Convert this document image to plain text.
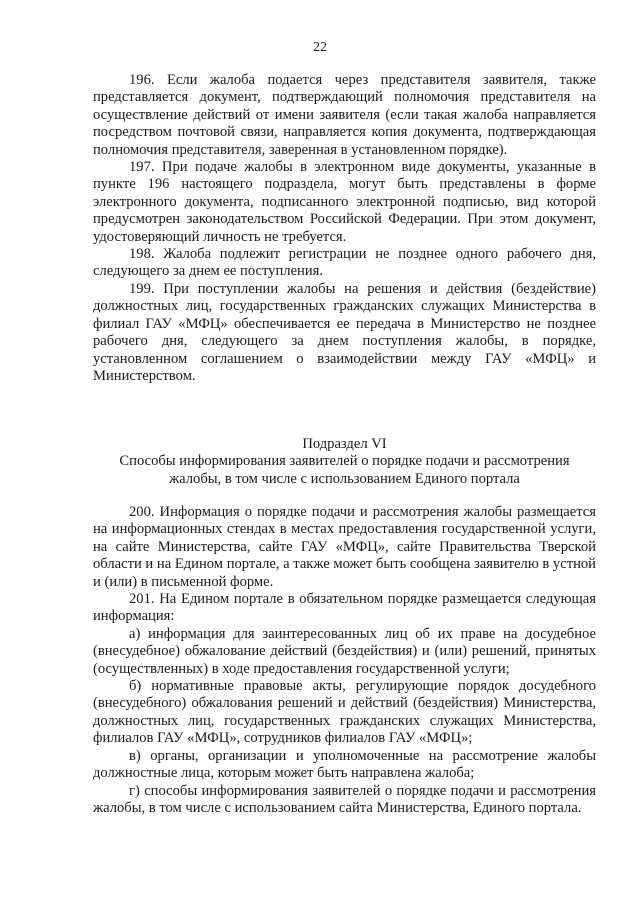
22

196. Если жалоба подается через представителя заявителя, также представляется документ, подтверждающий полномочия представителя на осуществление действий от имени заявителя (если такая жалоба направляется посредством почтовой связи, направляется копия документа, подтверждающая полномочия представителя, заверенная в установленном порядке).

197. При подаче жалобы в электронном виде документы, указанные в пункте 196 настоящего подраздела, могут быть представлены в форме электронного документа, подписанного электронной подписью, вид которой предусмотрен законодательством Российской Федерации. При этом документ, удостоверяющий личность не требуется.

198. Жалоба подлежит регистрации не позднее одного рабочего дня, следующего за днем ее поступления.

199. При поступлении жалобы на решения и действия (бездействие) должностных лиц, государственных гражданских служащих Министерства в филиал ГАУ «МФЦ» обеспечивается ее передача в Министерство не позднее рабочего дня, следующего за днем поступления жалобы, в порядке, установленном соглашением о взаимодействии между ГАУ «МФЦ» и Министерством.

Подраздел VI
Способы информирования заявителей о порядке подачи и рассмотрения
жалобы, в том числе с использованием Единого портала

200. Информация о порядке подачи и рассмотрения жалобы размещается на информационных стендах в местах предоставления государственной услуги, на сайте Министерства, сайте ГАУ «МФЦ», сайте Правительства Тверской области и на Едином портале, а также может быть сообщена заявителю в устной и (или) в письменной форме.

201. На Едином портале в обязательном порядке размещается следующая информация:

а) информация для заинтересованных лиц об их праве на досудебное (внесудебное) обжалование действий (бездействия) и (или) решений, принятых (осуществленных) в ходе предоставления государственной услуги;

б) нормативные правовые акты, регулирующие порядок досудебного (внесудебного) обжалования решений и действий (бездействия) Министерства, должностных лиц, государственных гражданских служащих Министерства, филиалов ГАУ «МФЦ», сотрудников филиалов ГАУ «МФЦ»;

в) органы, организации и уполномоченные на рассмотрение жалобы должностные лица, которым может быть направлена жалоба;

г) способы информирования заявителей о порядке подачи и рассмотрения жалобы, в том числе с использованием сайта Министерства, Единого портала.
